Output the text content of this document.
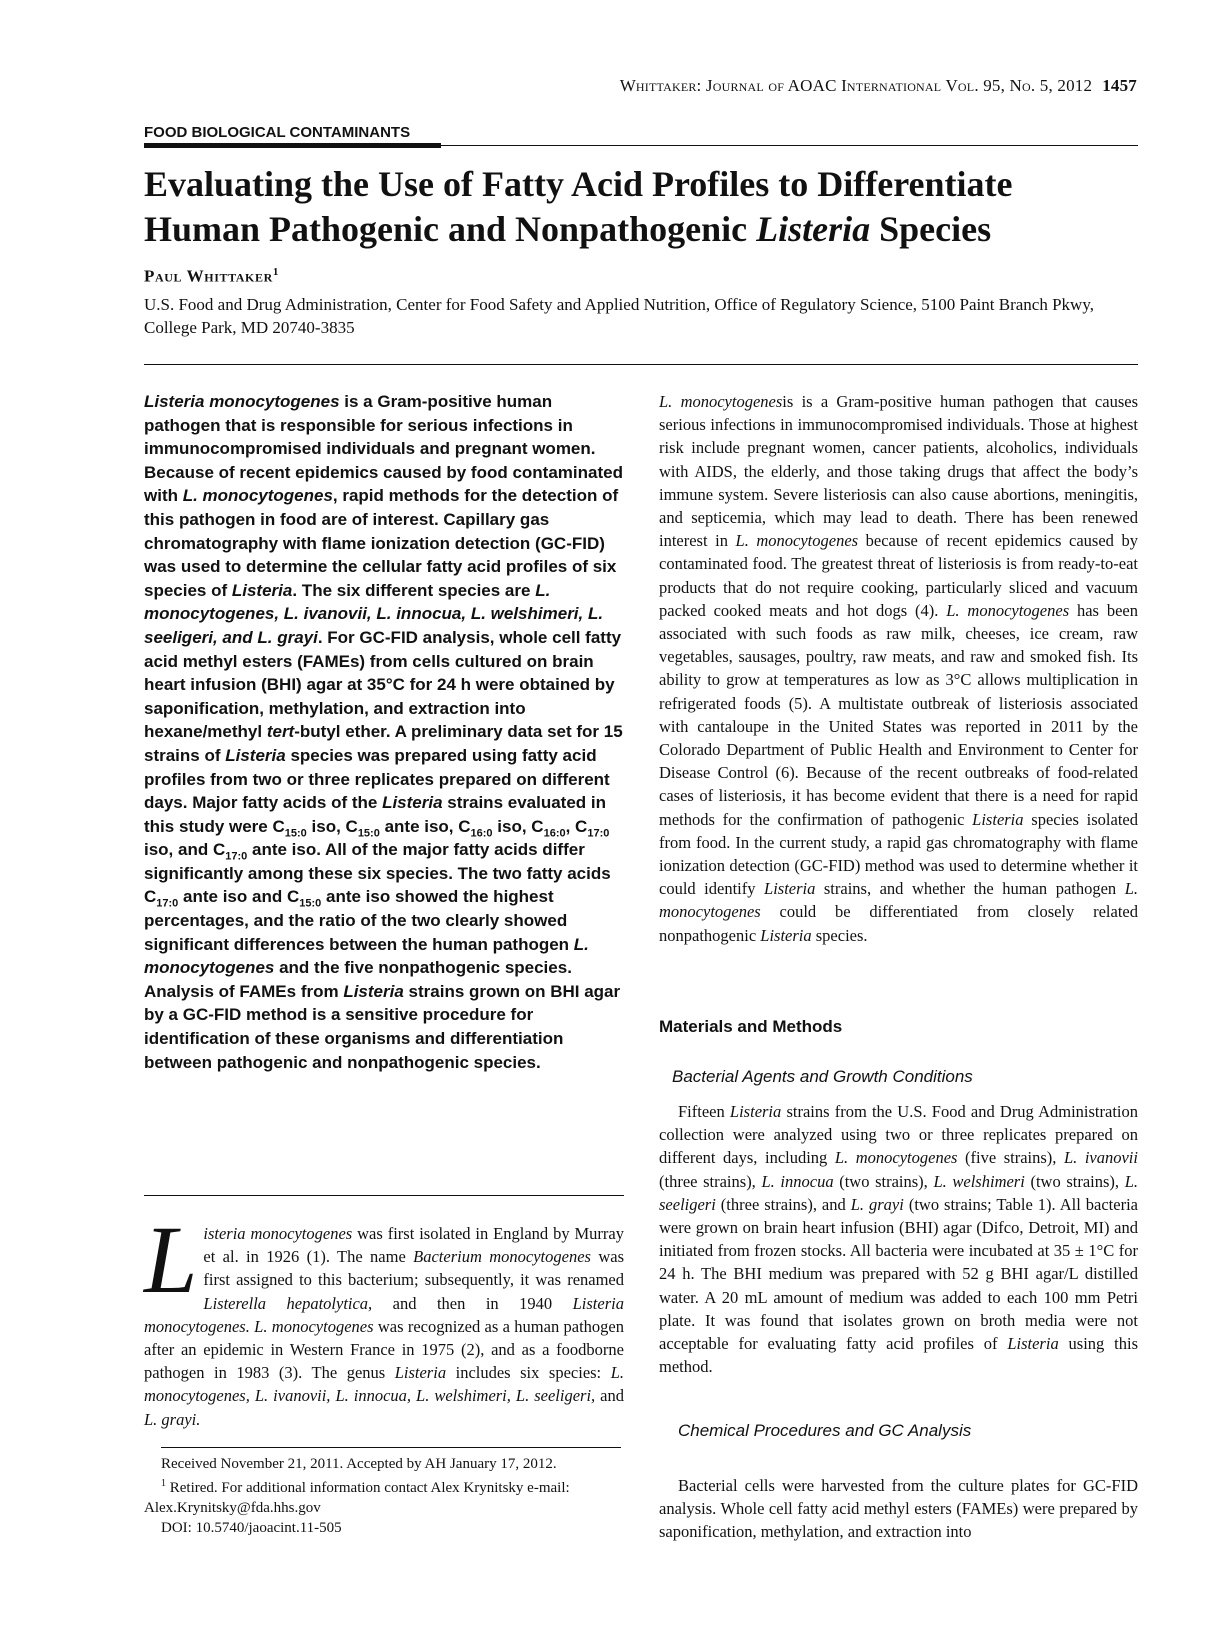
Whittaker: Journal of AOAC International Vol. 95, No. 5, 2012 1457
FOOD BIOLOGICAL CONTAMINANTS
Evaluating the Use of Fatty Acid Profiles to Differentiate
Human Pathogenic and Nonpathogenic Listeria Species
Paul Whittaker$^1$
U.S. Food and Drug Administration, Center for Food Safety and Applied Nutrition, Office of Regulatory Science, 5100 Paint Branch Pkwy, College Park, MD 20740-3835
Listeria monocytogenes is a Gram-positive human pathogen that is responsible for serious infections in immunocompromised individuals and pregnant women. Because of recent epidemics caused by food contaminated with L. monocytogenes, rapid methods for the detection of this pathogen in food are of interest. Capillary gas chromatography with flame ionization detection (GC-FID) was used to determine the cellular fatty acid profiles of six species of Listeria. The six different species are L. monocytogenes, L. ivanovii, L. innocua, L. welshimeri, L. seeligeri, and L. grayi. For GC-FID analysis, whole cell fatty acid methyl esters (FAMEs) from cells cultured on brain heart infusion (BHI) agar at 35°C for 24 h were obtained by saponification, methylation, and extraction into hexane/methyl tert-butyl ether. A preliminary data set for 15 strains of Listeria species was prepared using fatty acid profiles from two or three replicates prepared on different days. Major fatty acids of the Listeria strains evaluated in this study were $C_{15:0}$ iso, $C_{15:0}$ ante iso, $C_{16:0}$ iso, $C_{16:0}$, $C_{17:0}$ iso, and $C_{17:0}$ ante iso. All of the major fatty acids differ significantly among these six species. The two fatty acids $C_{17:0}$ ante iso and $C_{15:0}$ ante iso showed the highest percentages, and the ratio of the two clearly showed significant differences between the human pathogen L. monocytogenes and the five nonpathogenic species. Analysis of FAMEs from Listeria strains grown on BHI agar by a GC-FID method is a sensitive procedure for identification of these organisms and differentiation between pathogenic and nonpathogenic species.
Listeria monocytogenes was first isolated in England by Murray et al. in 1926 (1). The name Bacterium monocytogenes was first assigned to this bacterium; subsequently, it was renamed Listerella hepatolytica, and then in 1940 Listeria monocytogenes. L. monocytogenes was recognized as a human pathogen after an epidemic in Western France in 1975 (2), and as a foodborne pathogen in 1983 (3). The genus Listeria includes six species: L. monocytogenes, L. ivanovii, L. innocua, L. welshimeri, L. seeligeri, and L. grayi.
Received November 21, 2011. Accepted by AH January 17, 2012.
$^1$ Retired. For additional information contact Alex Krynitsky e-mail: Alex.Krynitsky@fda.hhs.gov
DOI: 10.5740/jaoacint.11-505
L. monocytogenesis is a Gram-positive human pathogen that causes serious infections in immunocompromised individuals. Those at highest risk include pregnant women, cancer patients, alcoholics, individuals with AIDS, the elderly, and those taking drugs that affect the body’s immune system. Severe listeriosis can also cause abortions, meningitis, and septicemia, which may lead to death. There has been renewed interest in L. monocytogenes because of recent epidemics caused by contaminated food. The greatest threat of listeriosis is from ready-to-eat products that do not require cooking, particularly sliced and vacuum packed cooked meats and hot dogs (4). L. monocytogenes has been associated with such foods as raw milk, cheeses, ice cream, raw vegetables, sausages, poultry, raw meats, and raw and smoked fish. Its ability to grow at temperatures as low as 3°C allows multiplication in refrigerated foods (5). A multistate outbreak of listeriosis associated with cantaloupe in the United States was reported in 2011 by the Colorado Department of Public Health and Environment to Center for Disease Control (6). Because of the recent outbreaks of food-related cases of listeriosis, it has become evident that there is a need for rapid methods for the confirmation of pathogenic Listeria species isolated from food. In the current study, a rapid gas chromatography with flame ionization detection (GC-FID) method was used to determine whether it could identify Listeria strains, and whether the human pathogen L. monocytogenes could be differentiated from closely related nonpathogenic Listeria species.
Materials and Methods
Bacterial Agents and Growth Conditions
Fifteen Listeria strains from the U.S. Food and Drug Administration collection were analyzed using two or three replicates prepared on different days, including L. monocytogenes (five strains), L. ivanovii (three strains), L. innocua (two strains), L. welshimeri (two strains), L. seeligeri (three strains), and L. grayi (two strains; Table 1). All bacteria were grown on brain heart infusion (BHI) agar (Difco, Detroit, MI) and initiated from frozen stocks. All bacteria were incubated at 35 ± 1°C for 24 h. The BHI medium was prepared with 52 g BHI agar/L distilled water. A 20 mL amount of medium was added to each 100 mm Petri plate. It was found that isolates grown on broth media were not acceptable for evaluating fatty acid profiles of Listeria using this method.
Chemical Procedures and GC Analysis
Bacterial cells were harvested from the culture plates for GC-FID analysis. Whole cell fatty acid methyl esters (FAMEs) were prepared by saponification, methylation, and extraction into
